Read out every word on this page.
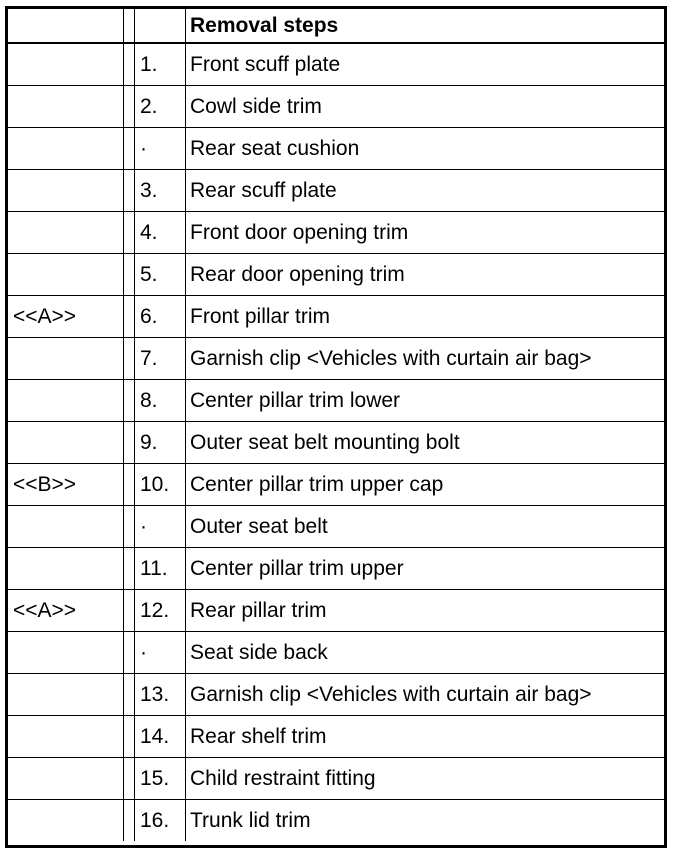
			Removal steps
		1.	Front scuff plate
		2.	Cowl side trim
		·	Rear seat cushion
		3.	Rear scuff plate
		4.	Front door opening trim
		5.	Rear door opening trim
<<A>>		6.	Front pillar trim
		7.	Garnish clip <Vehicles with curtain air bag>
		8.	Center pillar trim lower
		9.	Outer seat belt mounting bolt
<<B>>		10.	Center pillar trim upper cap
		·	Outer seat belt
		11.	Center pillar trim upper
<<A>>		12.	Rear pillar trim
		·	Seat side back
		13.	Garnish clip <Vehicles with curtain air bag>
		14.	Rear shelf trim
		15.	Child restraint fitting
		16.	Trunk lid trim
